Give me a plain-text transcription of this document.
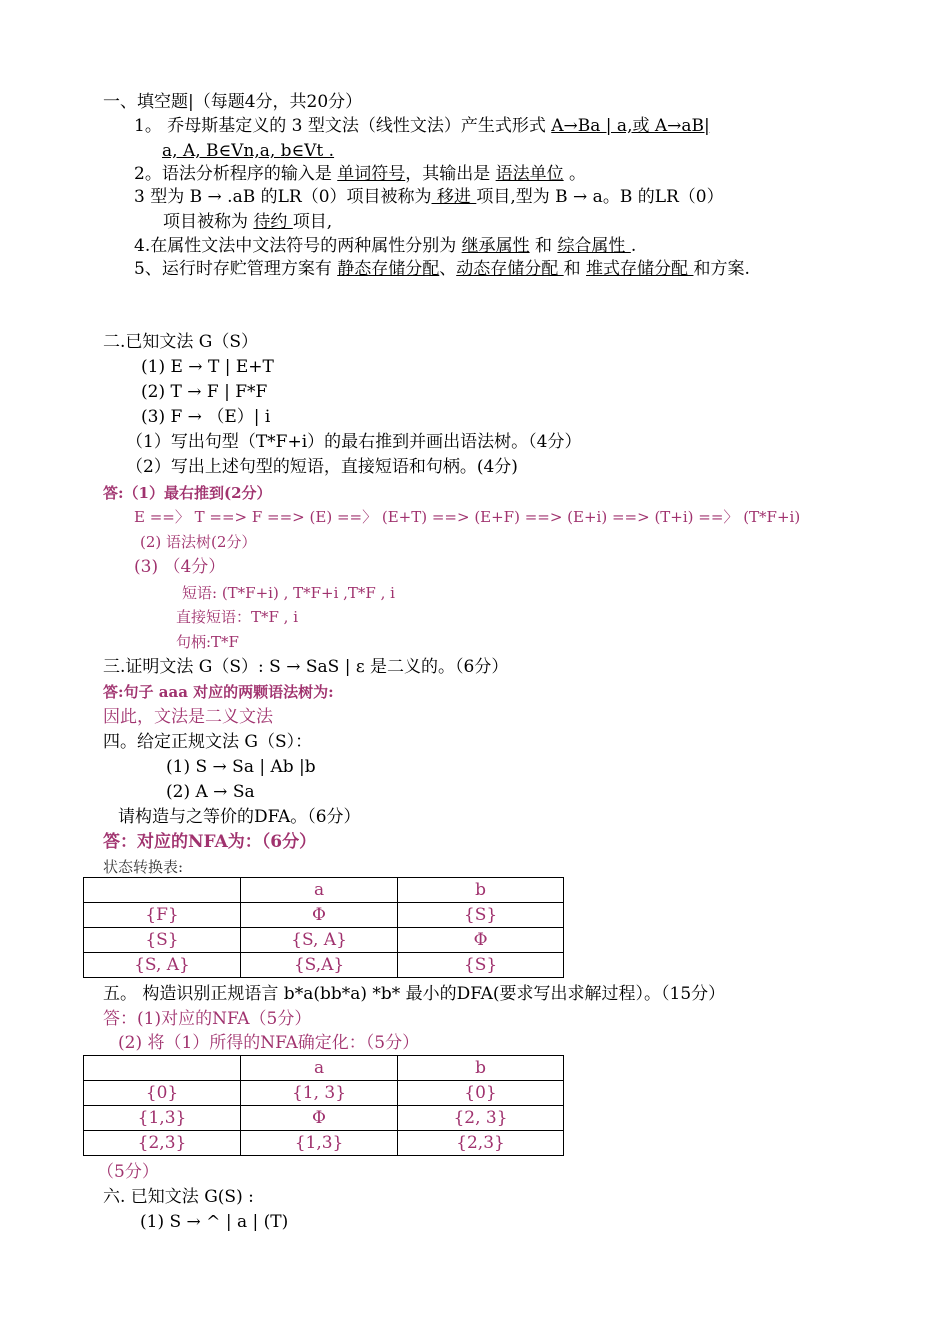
一、填空题|（每题4分，共20分）
1。 乔母斯基定义的 3 型文法（线性文法）产生式形式 A→Ba | a,或 A→aB|
a, A, B∈Vn,a, b∈Vt .
2。语法分析程序的输入是 单词符号，其输出是 语法单位 。
3 型为 B → .aB 的LR（0）项目被称为 移进 项目,型为 B → a。B 的LR（0）
项目被称为 待约 项目,
4.在属性文法中文法符号的两种属性分别为 继承属性 和 综合属性 .
5、运行时存贮管理方案有 静态存储分配、动态存储分配 和 堆式存储分配 和方案.
二.已知文法 G（S）
(1) E → T | E+T
(2) T → F | F*F
(3) F → （E）| i
（1）写出句型（T*F+i）的最右推到并画出语法树。（4分）
（2）写出上述句型的短语，直接短语和句柄。(4分)
答:（1）最右推到(2分）
E ==〉 T ==> F ==> (E) ==〉 (E+T) ==> (E+F) ==> (E+i) ==> (T+i) ==〉 (T*F+i)
(2) 语法树(2分）
(3) （4分）
短语: (T*F+i) , T*F+i ,T*F , i
直接短语：T*F , i
句柄:T*F
三.证明文法 G（S）: S → SaS | ε 是二义的。（6分）
答:句子 aaa 对应的两颗语法树为:
因此，文法是二义文法
四。给定正规文法 G（S）：
(1) S → Sa | Ab |b
(2) A → Sa
请构造与之等价的DFA。（6分）
答：对应的NFA为：（6分）
状态转换表:
	a	b
{F}	Φ	{S}
{S}	{S, A}	Φ
{S, A}	{S,A}	{S}
五。 构造识别正规语言 b*a(bb*a) *b* 最小的DFA(要求写出求解过程）。（15分）
答：(1)对应的NFA（5分）
(2) 将（1）所得的NFA确定化：（5分）
	a	b
{0}	{1, 3}	{0}
{1,3}	Φ	{2, 3}
{2,3}	{1,3}	{2,3}
（5分）
六. 已知文法 G(S) :
(1) S → ^ | a | (T)
